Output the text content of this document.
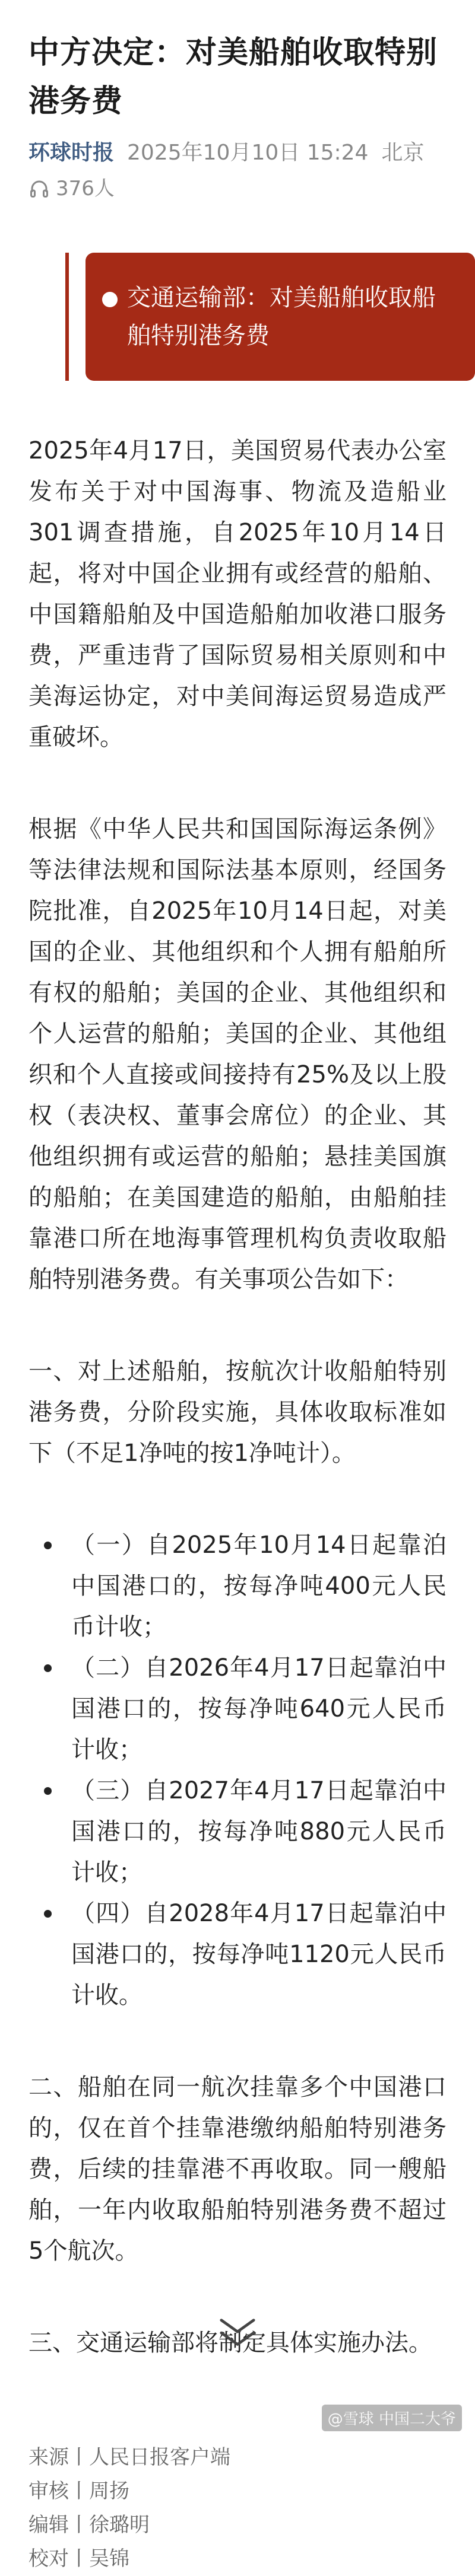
中方决定：对美船舶收取特别港务费
环球时报 2025年10月10日 15:24 北京
376人
交通运输部：对美船舶收取船舶特别港务费

2025年4月17日，美国贸易代表办公室发布关于对中国海事、物流及造船业301调查措施，自2025年10月14日起，将对中国企业拥有或经营的船舶、中国籍船舶及中国造船舶加收港口服务费，严重违背了国际贸易相关原则和中美海运协定，对中美间海运贸易造成严重破坏。

根据《中华人民共和国国际海运条例》等法律法规和国际法基本原则，经国务院批准，自2025年10月14日起，对美国的企业、其他组织和个人拥有船舶所有权的船舶；美国的企业、其他组织和个人运营的船舶；美国的企业、其他组织和个人直接或间接持有25%及以上股权（表决权、董事会席位）的企业、其他组织拥有或运营的船舶；悬挂美国旗的船舶；在美国建造的船舶，由船舶挂靠港口所在地海事管理机构负责收取船舶特别港务费。有关事项公告如下：

一、对上述船舶，按航次计收船舶特别港务费，分阶段实施，具体收取标准如下（不足1净吨的按1净吨计）。

（一）自2025年10月14日起靠泊中国港口的，按每净吨400元人民币计收；
（二）自2026年4月17日起靠泊中国港口的，按每净吨640元人民币计收；
（三）自2027年4月17日起靠泊中国港口的，按每净吨880元人民币计收；
（四）自2028年4月17日起靠泊中国港口的，按每净吨1120元人民币计收。

二、船舶在同一航次挂靠多个中国港口的，仅在首个挂靠港缴纳船舶特别港务费，后续的挂靠港不再收取。同一艘船舶，一年内收取船舶特别港务费不超过5个航次。

三、交通运输部将制定具体实施办法。

来源丨人民日报客户端
审核丨周扬
编辑丨徐璐明
校对丨吴锦
@雪球 中国二大爷
